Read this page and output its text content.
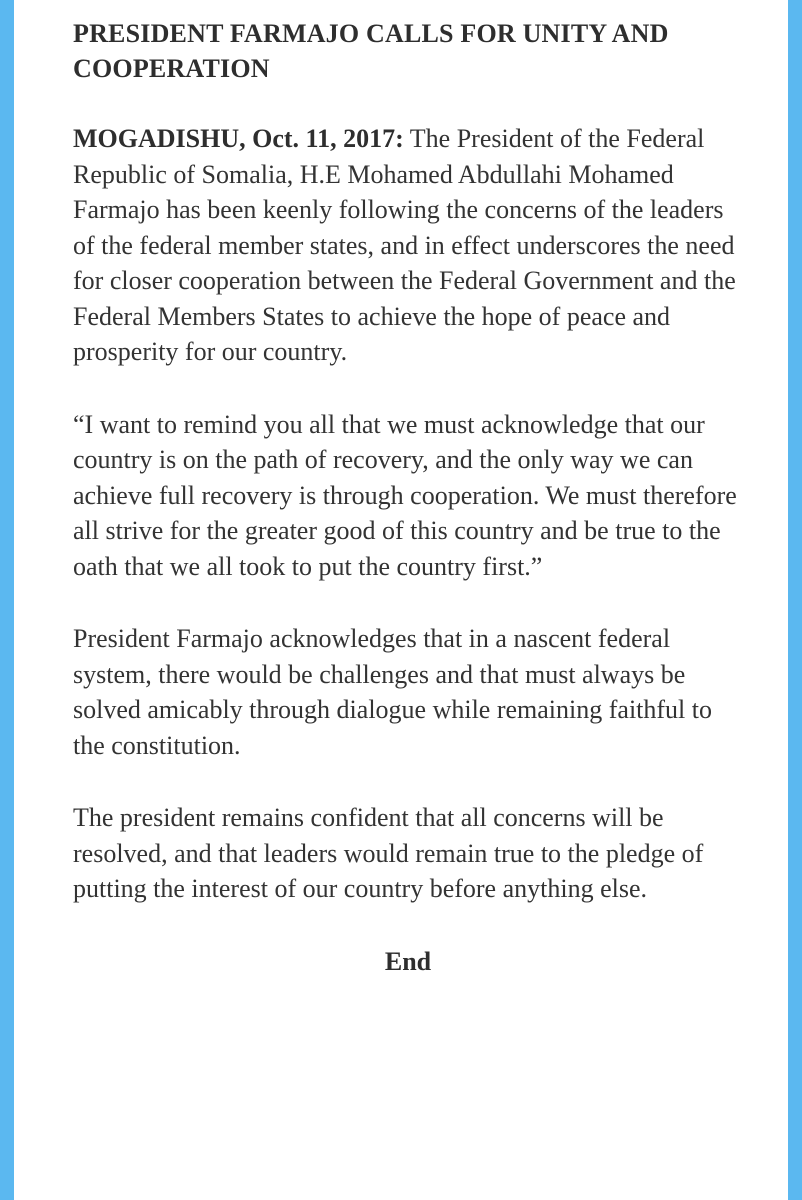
PRESIDENT FARMAJO CALLS FOR UNITY AND COOPERATION
MOGADISHU, Oct. 11, 2017: The President of the Federal Republic of Somalia, H.E Mohamed Abdullahi Mohamed Farmajo has been keenly following the concerns of the leaders of the federal member states, and in effect underscores the need for closer cooperation between the Federal Government and the Federal Members States to achieve the hope of peace and prosperity for our country.
“I want to remind you all that we must acknowledge that our country is on the path of recovery, and the only way we can achieve full recovery is through cooperation. We must therefore all strive for the greater good of this country and be true to the oath that we all took to put the country first.”
President Farmajo acknowledges that in a nascent federal system, there would be challenges and that must always be solved amicably through dialogue while remaining faithful to the constitution.
The president remains confident that all concerns will be resolved, and that leaders would remain true to the pledge of putting the interest of our country before anything else.
End
